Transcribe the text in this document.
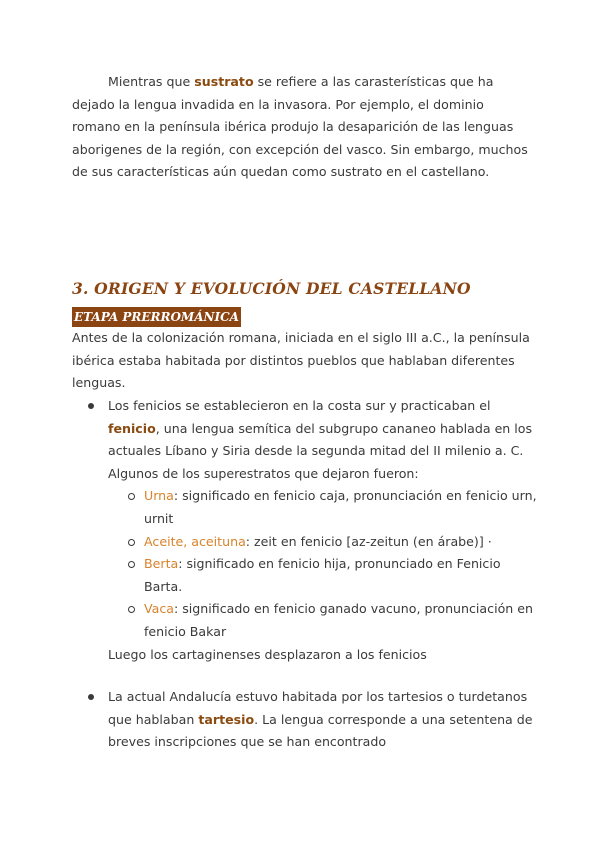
Mientras que sustrato se refiere a las carasterísticas que ha dejado la lengua invadida en la invasora. Por ejemplo, el dominio romano en la península ibérica produjo la desaparición de las lenguas aborigenes de la región, con excepción del vasco. Sin embargo, muchos de sus características aún quedan como sustrato en el castellano.

3. ORIGEN Y EVOLUCIÓN DEL CASTELLANO
ETAPA PRERROMÁNICA

Antes de la colonización romana, iniciada en el siglo III a.C., la península ibérica estaba habitada por distintos pueblos que hablaban diferentes lenguas.

Los fenicios se establecieron en la costa sur y practicaban el fenicio, una lengua semítica del subgrupo cananeo hablada en los actuales Líbano y Siria desde la segunda mitad del II milenio a. C. Algunos de los superestratos que dejaron fueron:
Urna: significado en fenicio caja, pronunciación en fenicio urn, urnit
Aceite, aceituna: zeit en fenicio [az-zeitun (en árabe)] ·
Berta: significado en fenicio hija, pronunciado en Fenicio Barta.
Vaca: significado en fenicio ganado vacuno, pronunciación en fenicio Bakar

Luego los cartaginenses desplazaron a los fenicios

La actual Andalucía estuvo habitada por los tartesios o turdetanos que hablaban tartesio. La lengua corresponde a una setentena de breves inscripciones que se han encontrado
